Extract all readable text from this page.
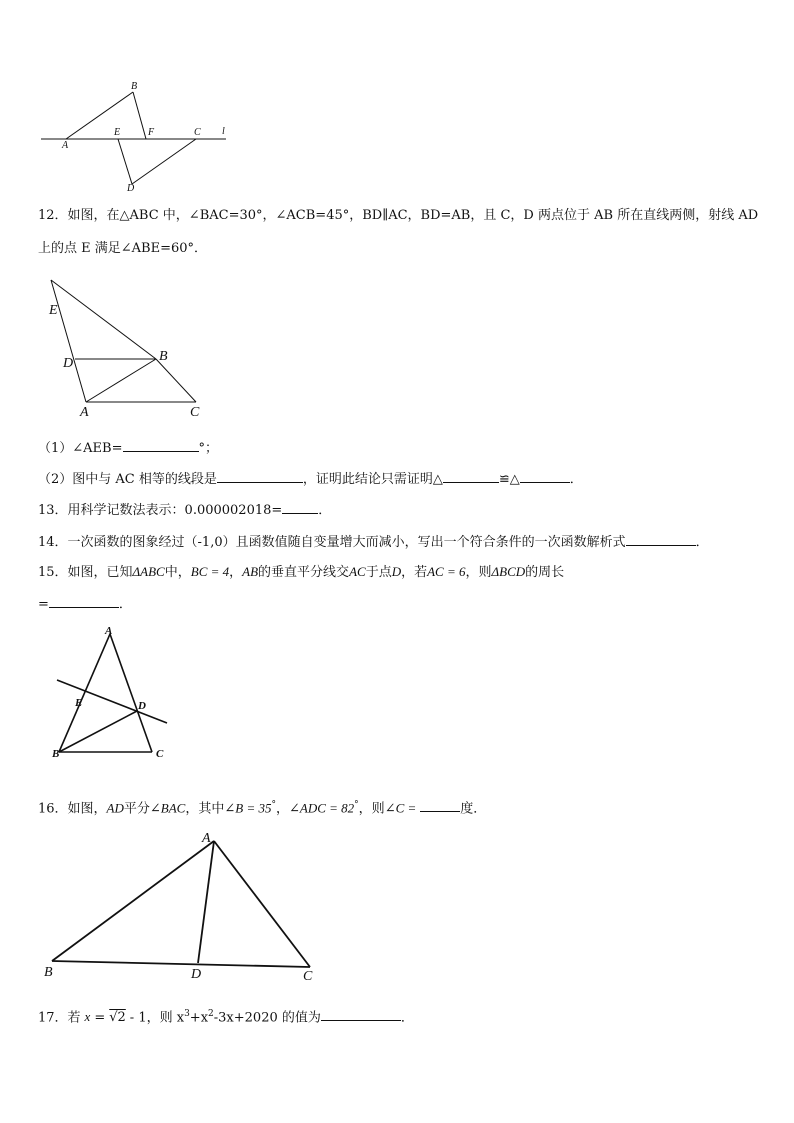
B
E	F	C l
A
D
12．如图，在△ABC 中，∠BAC=30°，∠ACB=45°，BD∥AC，BD=AB，且 C，D 两点位于 AB 所在直线两侧，射线 AD
上的点 E 满足∠ABE=60°．
E
D	B
A	C
（1）∠AEB=	°；
（2）图中与 AC 相等的线段是	，证明此结论只需证明△	≌△	．
13．用科学记数法表示：0.000002018=	．
14．一次函数的图象经过（-1,0）且函数值随自变量增大而减小，写出一个符合条件的一次函数解析式	．
15．如图，已知ΔABC中，BC = 4，AB的垂直平分线交AC于点D，若AC = 6，则ΔBCD的周长
=	．
A
E	D
B	C
16．如图，AD平分∠BAC，其中∠B = 35°，∠ADC = 82°，则∠C =	度．
A
B	D	C
17．若 x = √2 - 1，则 $x^3+x^2-3x+2020$ 的值为	．
